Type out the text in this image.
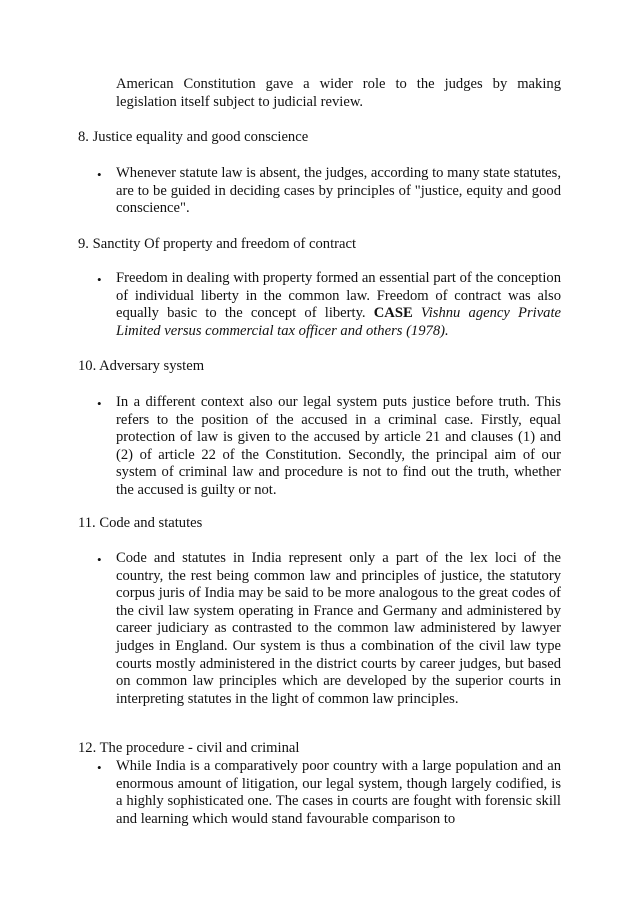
American Constitution gave a wider role to the judges by making legislation itself subject to judicial review.
8. Justice equality and good conscience
• Whenever statute law is absent, the judges, according to many state statutes, are to be guided in deciding cases by principles of "justice, equity and good conscience".
9. Sanctity Of property and freedom of contract
• Freedom in dealing with property formed an essential part of the conception of individual liberty in the common law. Freedom of contract was also equally basic to the concept of liberty. CASE Vishnu agency Private Limited versus commercial tax officer and others (1978).
10. Adversary system
• In a different context also our legal system puts justice before truth. This refers to the position of the accused in a criminal case. Firstly, equal protection of law is given to the accused by article 21 and clauses (1) and (2) of article 22 of the Constitution. Secondly, the principal aim of our system of criminal law and procedure is not to find out the truth, whether the accused is guilty or not.
11. Code and statutes
• Code and statutes in India represent only a part of the lex loci of the country, the rest being common law and principles of justice, the statutory corpus juris of India may be said to be more analogous to the great codes of the civil law system operating in France and Germany and administered by career judiciary as contrasted to the common law administered by lawyer judges in England. Our system is thus a combination of the civil law type courts mostly administered in the district courts by career judges, but based on common law principles which are developed by the superior courts in interpreting statutes in the light of common law principles.
12. The procedure - civil and criminal
• While India is a comparatively poor country with a large population and an enormous amount of litigation, our legal system, though largely codified, is a highly sophisticated one. The cases in courts are fought with forensic skill and learning which would stand favourable comparison to
